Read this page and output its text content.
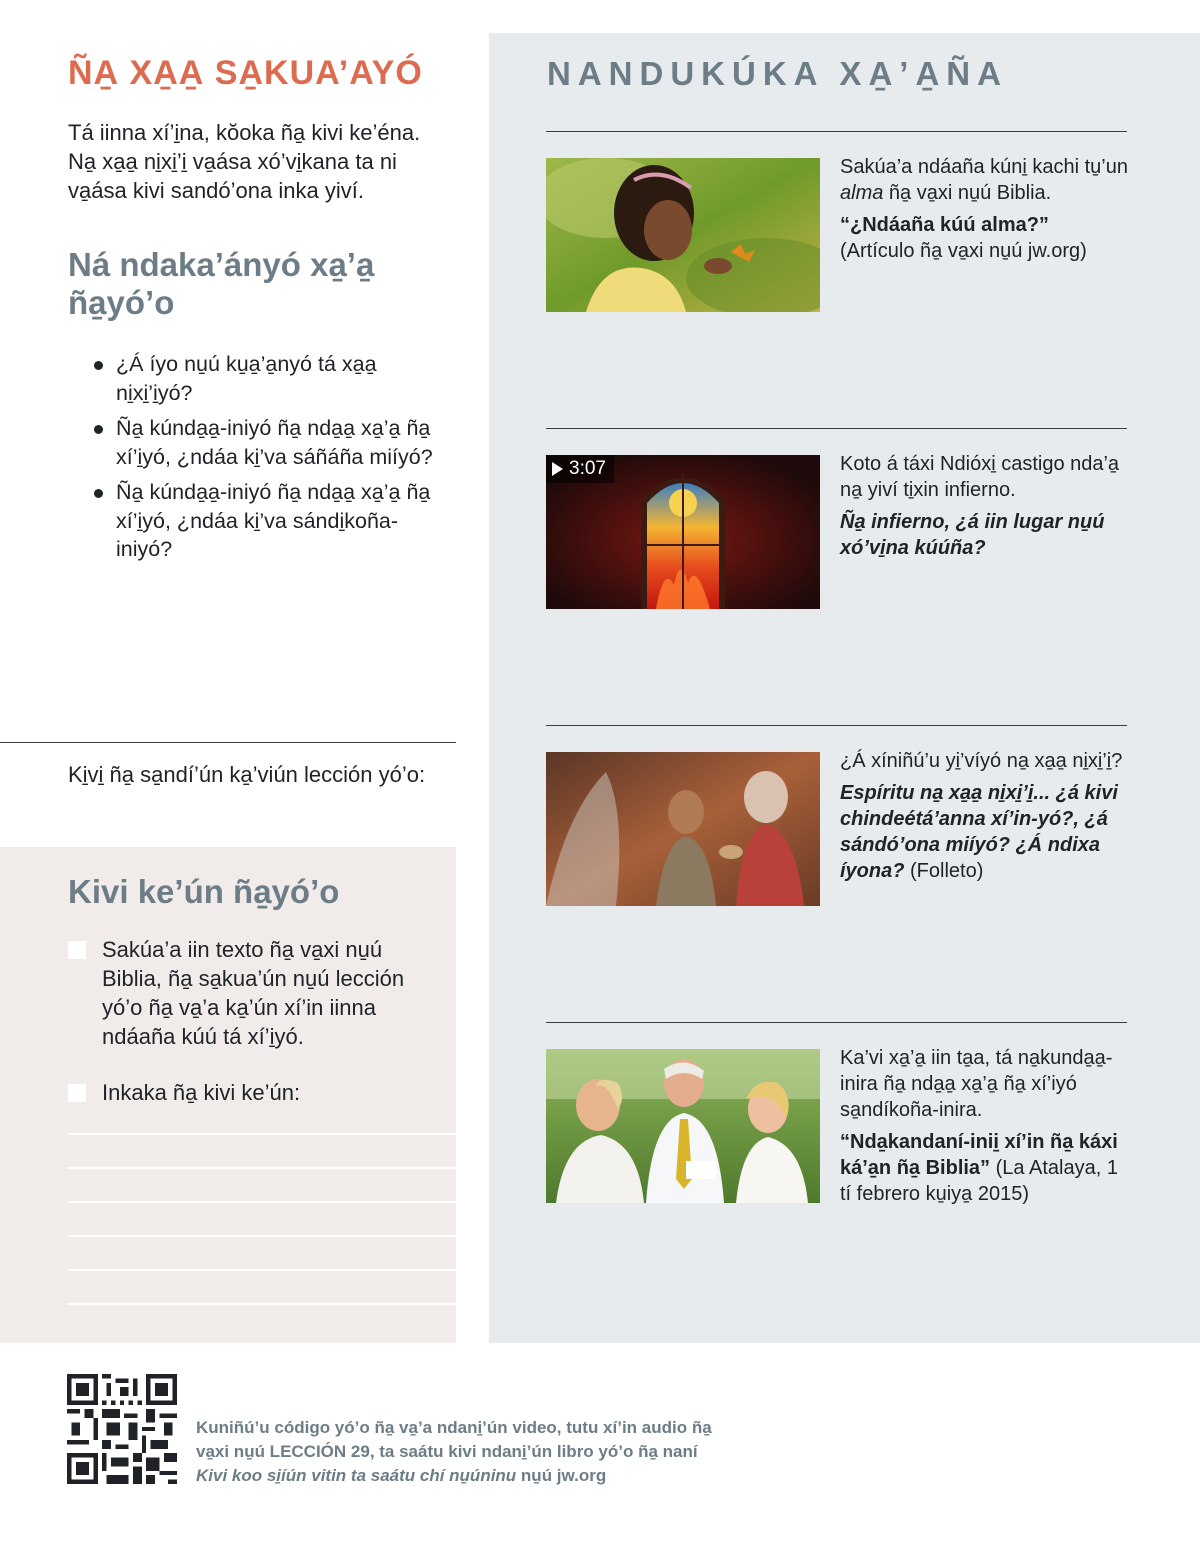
ÑA̱ XA̱A̱ SA̱KUA’AYÓ

Tá iinna xí’i̱na, kŏoka ña̱ kivi ke’éna. Na̱ xa̱a̱ ni̱xi̱’i̱ va̱ása xó’vi̱kana ta ni va̱ása kivi sandó’ona inka yiví.

Ná ndaka’ányó xa̱’a̱ ña̱yó’o
¿Á íyo nu̱ú ku̱a̱’a̱nyó tá xa̱a̱ ni̱xi̱’i̱yó?
Ña̱ kúnda̱a̱-iniyó ña̱ nda̱a̱ xa̱’a̱ ña̱ xí’i̱yó, ¿ndáa ki̱’va sáñáña miíyó?
Ña̱ kúnda̱a̱-iniyó ña̱ nda̱a̱ xa̱’a̱ ña̱ xí’i̱yó, ¿ndáa ki̱’va sándi̱koña-iniyó?
Ki̱vi̱ ña̱ sa̱ndí’ún ka̱’viún lección yó’o:
Kivi ke’ún ña̱yó’o
Sakúa’a iin texto ña̱ va̱xi nu̱ú Biblia, ña̱ sa̱kua’ún nu̱ú lección yó’o ña̱ va̱’a ka̱’ún xí’in iinna ndáaña kúú tá xí’i̱yó.
Inkaka ña̱ kivi ke’ún:
NANDUKÚKA XA̱’A̱ÑA
Sakúa’a ndáaña kúni̱ kachi tu̱’un alma ña̱ va̱xi nu̱ú Biblia.
“¿Ndáaña kúú alma?”
(Artículo ña̱ va̱xi nu̱ú jw.org)
3:07	Koto á táxi Ndióxi̱ castigo nda’a̱ na̱ yiví ti̱xin infierno.
Ña̱ infierno, ¿á iin lugar nu̱ú xó’vi̱na kúúña?
¿Á xíniñú’u yi̱’víyó na̱ xa̱a̱ ni̱xi̱’i̱?
Espíritu na̱ xa̱a̱ ni̱xi̱’i̱... ¿á kivi chindeétá’anna xí’in-yó?, ¿á sándó’ona miíyó? ¿Á ndixa íyona? (Folleto)
Ka’vi xa̱’a̱ iin ta̱a, tá na̱kunda̱a̱-inira ña̱ nda̱a̱ xa̱’a̱ ña̱ xí’iyó sa̱ndíkoña-inira.
“Nda̱kandaní-inii̱ xí’in ña̱ káxi ká’a̱n ña̱ Biblia” (La Atalaya, 1 tí febrero ku̱iya̱ 2015)
Kuniñú’u código yó’o ña̱ va̱’a ndani̱’ún video, tutu xí’in audio ña̱ va̱xi nu̱ú LECCIÓN 29, ta saátu kivi ndani̱’ún libro yó’o ña̱ naní Kivi koo si̱íún vitin ta saátu chí nu̱úninu nu̱ú jw.org
